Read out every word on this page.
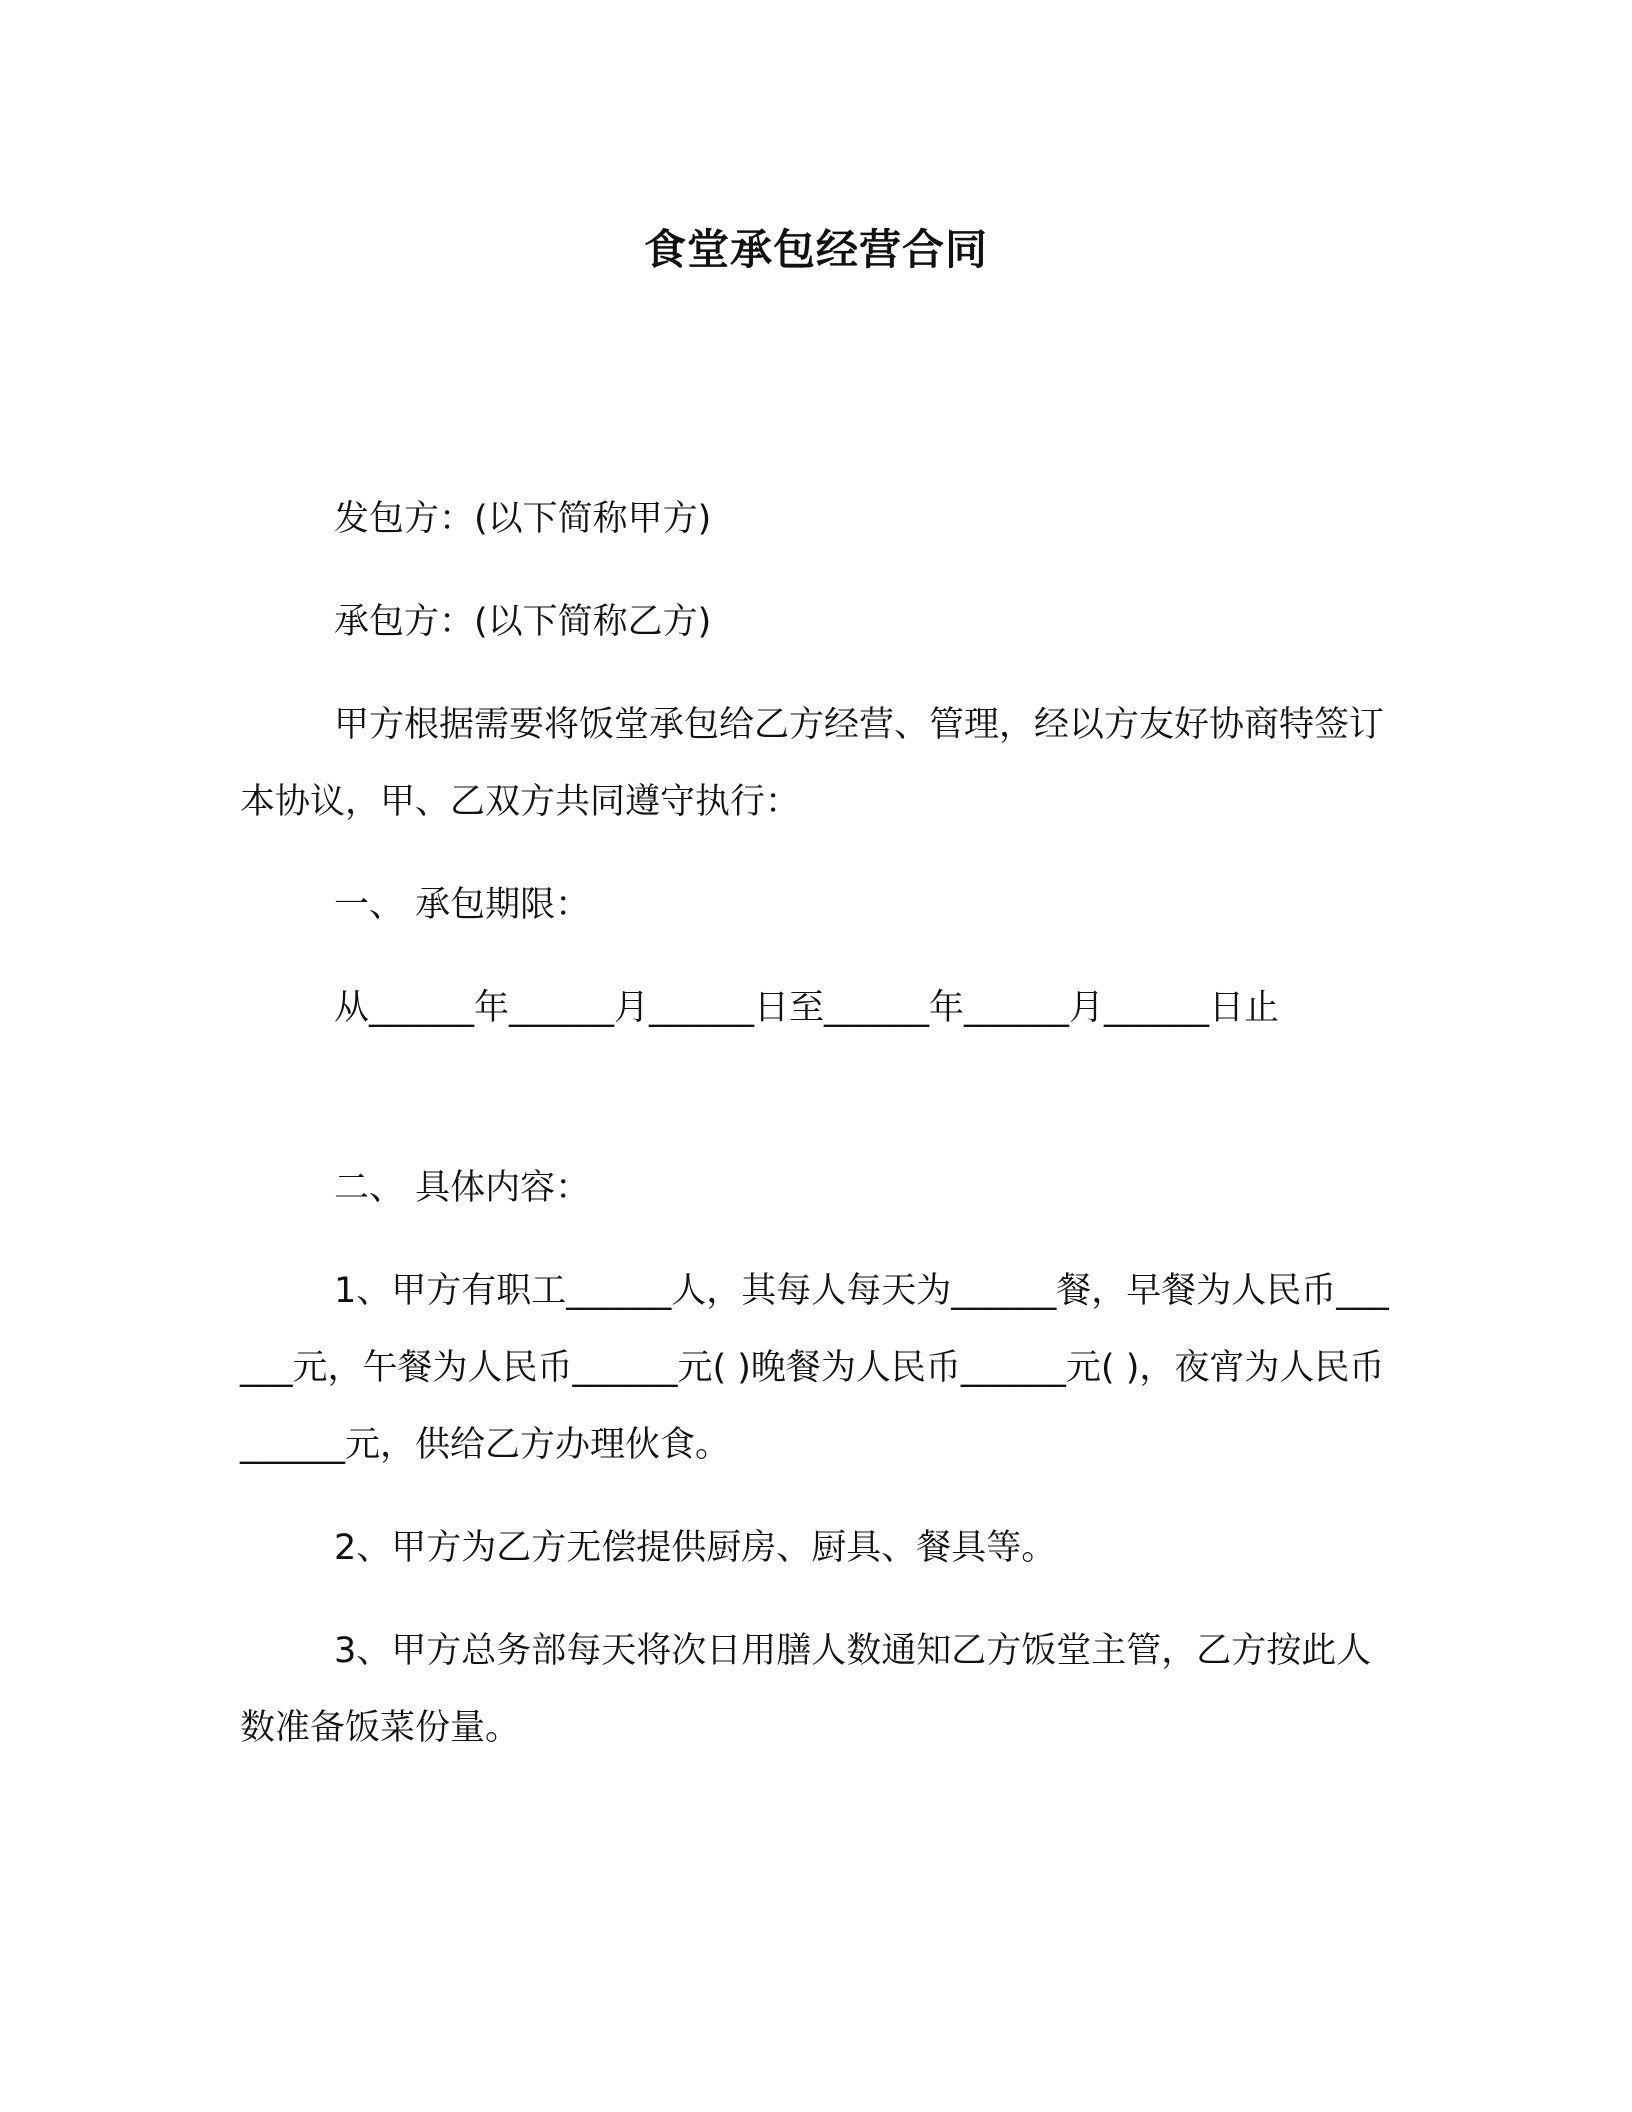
食堂承包经营合同

发包方：(以下简称甲方)

承包方：(以下简称乙方)

甲方根据需要将饭堂承包给乙方经营、管理，经以方友好协商特签订本协议，甲、乙双方共同遵守执行：

一、 承包期限：

从______年______月______日至______年______月______日止

二、 具体内容：

1、甲方有职工______人，其每人每天为______餐，早餐为人民币______元，午餐为人民币______元( )晚餐为人民币______元( )，夜宵为人民币______元，供给乙方办理伙食。

2、甲方为乙方无偿提供厨房、厨具、餐具等。

3、甲方总务部每天将次日用膳人数通知乙方饭堂主管，乙方按此人数准备饭菜份量。
